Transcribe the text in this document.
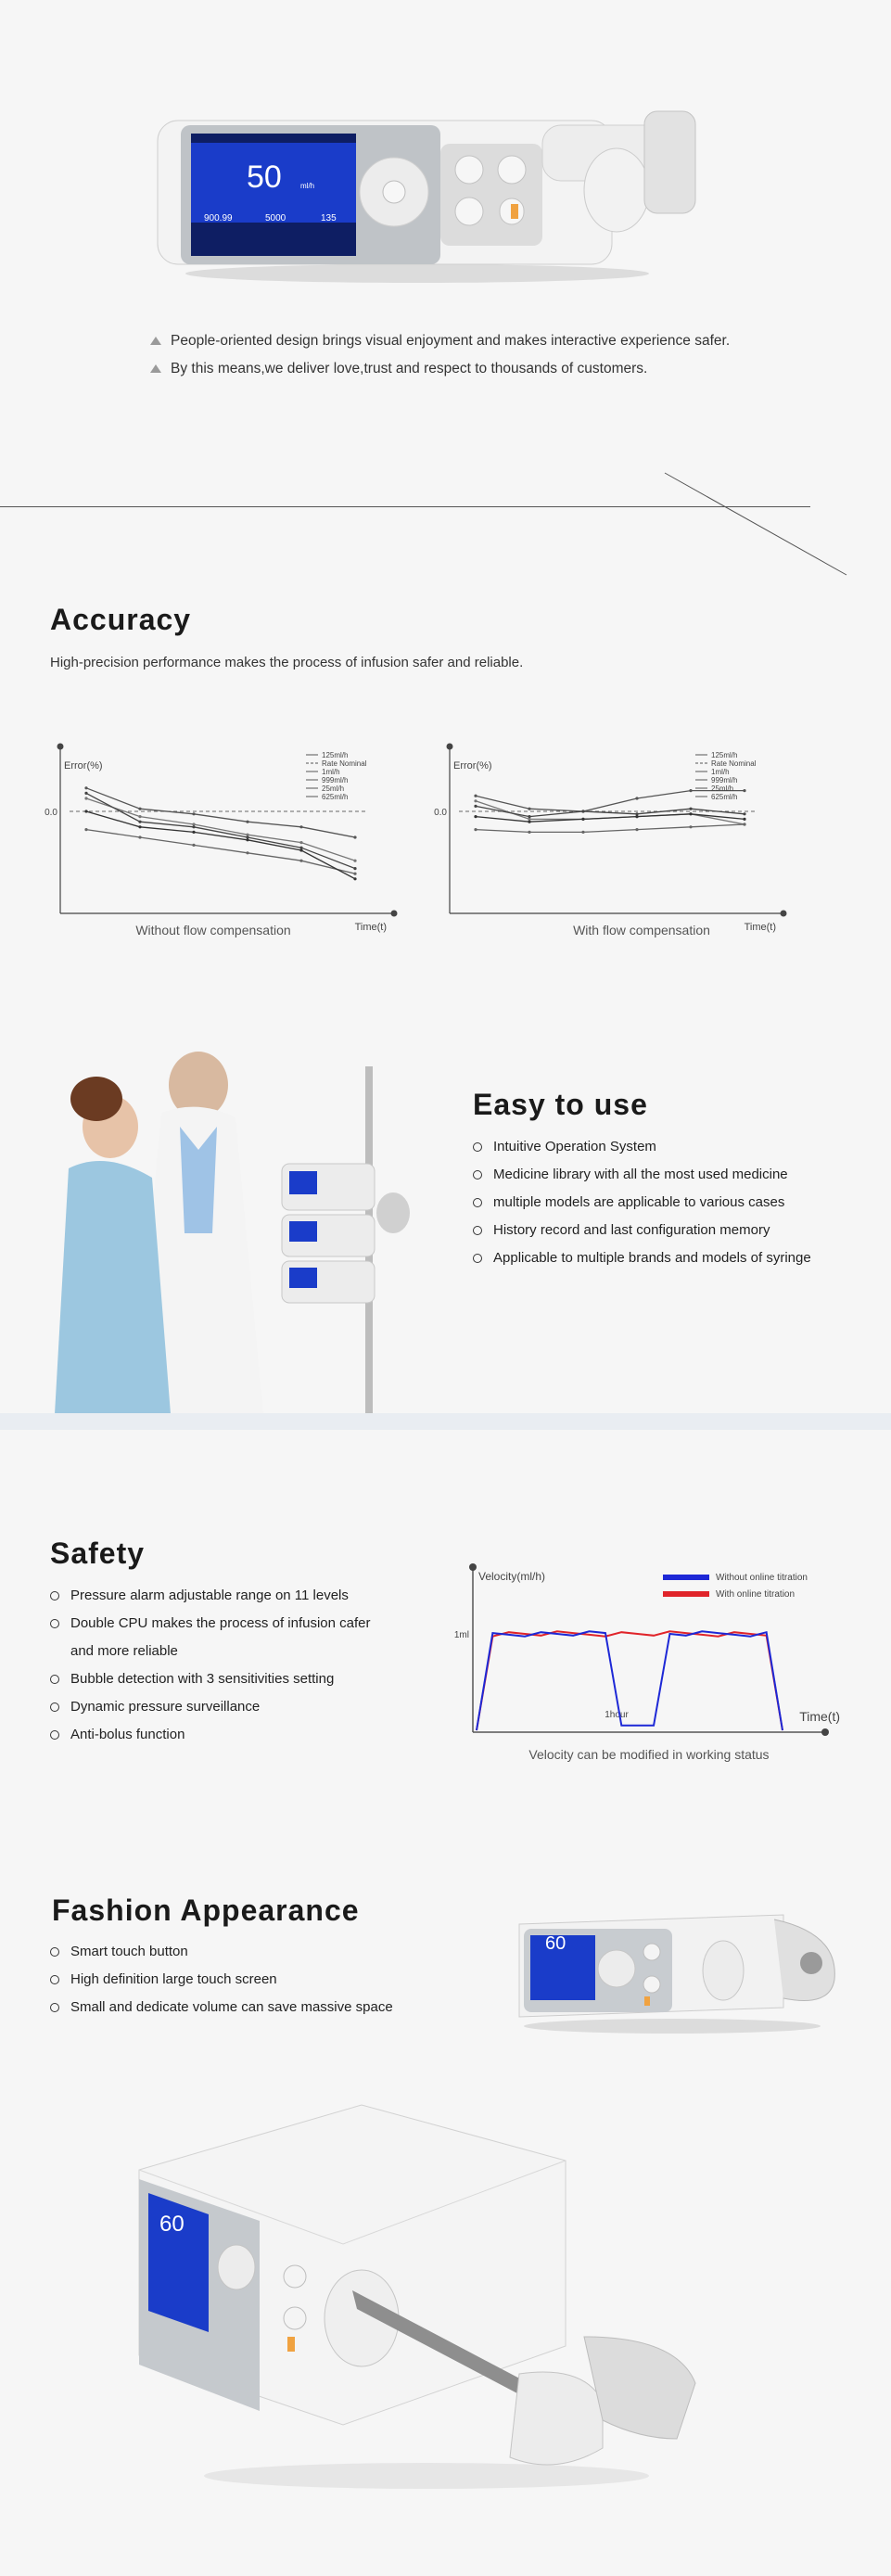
50	ml/h
900.99	5000	135
People-oriented design brings visual enjoyment and makes interactive experience safer.
By this means,we deliver love,trust and respect to thousands of customers.
Accuracy
High-precision performance makes the process of infusion safer and reliable.
Error(%)
Time(t)
0.0
125ml/h
Rate Nominal
1ml/h
999ml/h
25ml/h
625ml/h
Without flow compensation
Error(%)
Time(t)
0.0
125ml/h
Rate Nominal
1ml/h
999ml/h
25ml/h
625ml/h
With flow compensation
Easy to use
Intuitive Operation System
Medicine library with all the most used medicine
multiple models are applicable to various cases
History record and last configuration memory
Applicable to multiple brands and models of syringe
Safety
Pressure alarm adjustable range on 11 levels
Double CPU makes the process of infusion cafer
and more reliable
Bubble detection with 3 sensitivities setting
Dynamic pressure surveillance
Anti-bolus function
Velocity(ml/h)
Time(t)
1ml
1hour
Without online titration
With online titration
Velocity can be modified in working status
Fashion Appearance
Smart touch button
High definition large touch screen
Small and dedicate volume can save massive space
60
60
